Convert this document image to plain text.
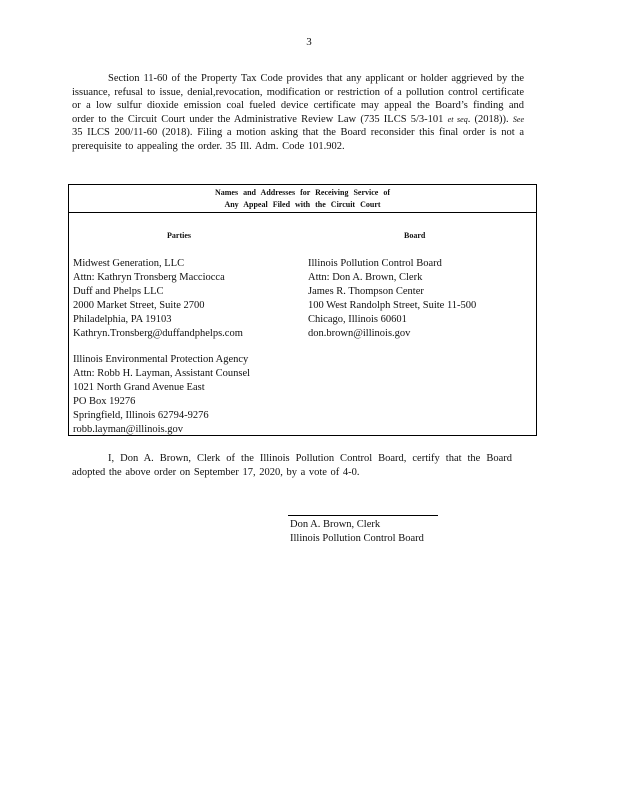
3
Section 11-60 of the Property Tax Code provides that any applicant or holder aggrieved by the issuance, refusal to issue, denial,revocation, modification or restriction of a pollution control certificate or a low sulfur dioxide emission coal fueled device certificate may appeal the Board’s finding and order to the Circuit Court under the Administrative Review Law (735 ILCS 5/3-101 et seq. (2018)). See 35 ILCS 200/11-60 (2018). Filing a motion asking that the Board reconsider this final order is not a prerequisite to appealing the order. 35 Ill. Adm. Code 101.902.
Names and Addresses for Receiving Service of
Any Appeal Filed with the Circuit Court
Parties	Board
Midwest Generation, LLC
Attn: Kathryn Tronsberg Macciocca
Duff and Phelps LLC
2000 Market Street, Suite 2700
Philadelphia, PA 19103
Kathryn.Tronsberg@duffandphelps.com
Illinois Environmental Protection Agency
Attn: Robb H. Layman, Assistant Counsel
1021 North Grand Avenue East
PO Box 19276
Springfield, Illinois 62794-9276
robb.layman@illinois.gov
Illinois Pollution Control Board
Attn: Don A. Brown, Clerk
James R. Thompson Center
100 West Randolph Street, Suite 11-500
Chicago, Illinois 60601
don.brown@illinois.gov
I, Don A. Brown, Clerk of the Illinois Pollution Control Board, certify that the Board adopted the above order on September 17, 2020, by a vote of 4-0.
Don A. Brown, Clerk
Illinois Pollution Control Board
